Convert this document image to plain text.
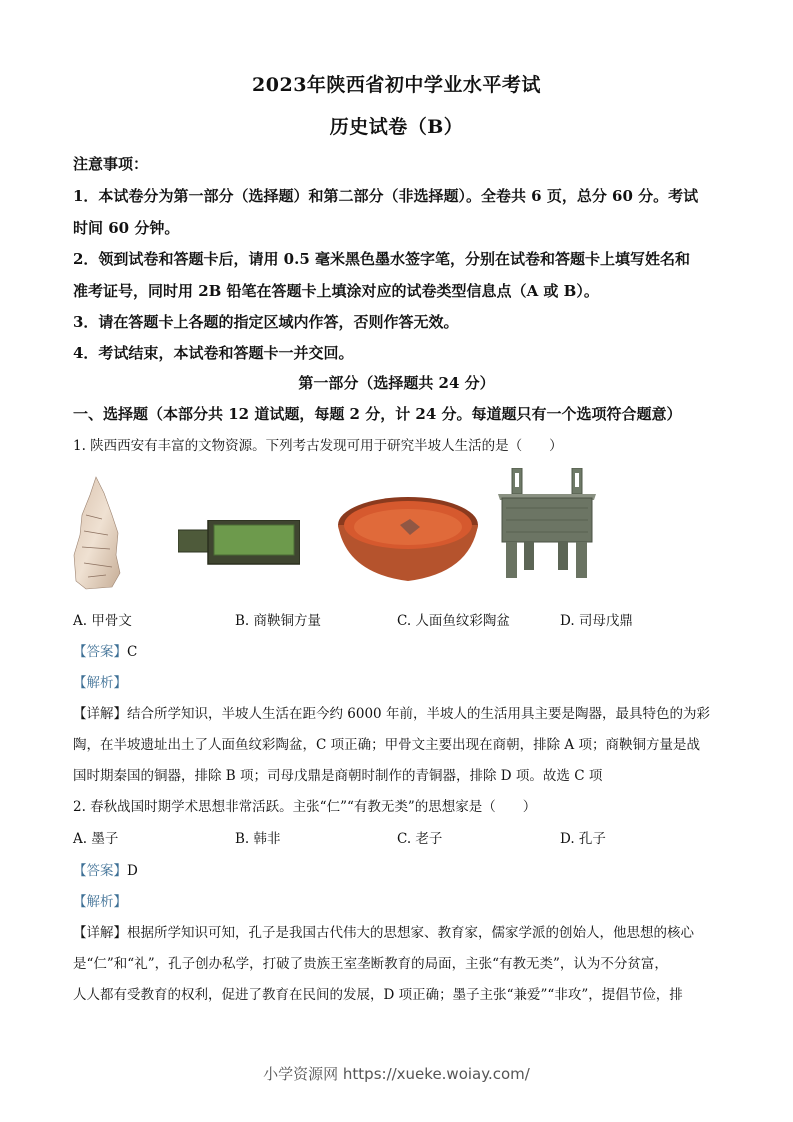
2023年陕西省初中学业水平考试
历史试卷（B）
注意事项：
1．本试卷分为第一部分（选择题）和第二部分（非选择题）。全卷共 6 页，总分 60 分。考试
时间 60 分钟。
2．领到试卷和答题卡后，请用 0.5 毫米黑色墨水签字笔，分别在试卷和答题卡上填写姓名和
准考证号，同时用 2B 铅笔在答题卡上填涂对应的试卷类型信息点（A 或 B）。
3．请在答题卡上各题的指定区域内作答，否则作答无效。
4．考试结束，本试卷和答题卡一并交回。
第一部分（选择题共 24 分）
一、选择题（本部分共 12 道试题，每题 2 分，计 24 分。每道题只有一个选项符合题意）
1. 陕西西安有丰富的文物资源。下列考古发现可用于研究半坡人生活的是（　　）
A. 甲骨文	B. 商鞅铜方量	C. 人面鱼纹彩陶盆	D. 司母戊鼎
【答案】C
【解析】
【详解】结合所学知识，半坡人生活在距今约 6000 年前，半坡人的生活用具主要是陶器，最具特色的为彩
陶，在半坡遗址出土了人面鱼纹彩陶盆，C 项正确；甲骨文主要出现在商朝，排除 A 项；商鞅铜方量是战
国时期秦国的铜器，排除 B 项；司母戊鼎是商朝时制作的青铜器，排除 D 项。故选 C 项
2. 春秋战国时期学术思想非常活跃。主张“仁”“有教无类”的思想家是（　　）
A. 墨子	B. 韩非	C. 老子	D. 孔子
【答案】D
【解析】
【详解】根据所学知识可知，孔子是我国古代伟大的思想家、教育家，儒家学派的创始人，他思想的核心
是“仁”和“礼”，孔子创办私学，打破了贵族王室垄断教育的局面，主张“有教无类”，认为不分贫富，
人人都有受教育的权利，促进了教育在民间的发展，D 项正确；墨子主张“兼爱”“非攻”，提倡节俭，排
小学资源网 https://xueke.woiay.com/
